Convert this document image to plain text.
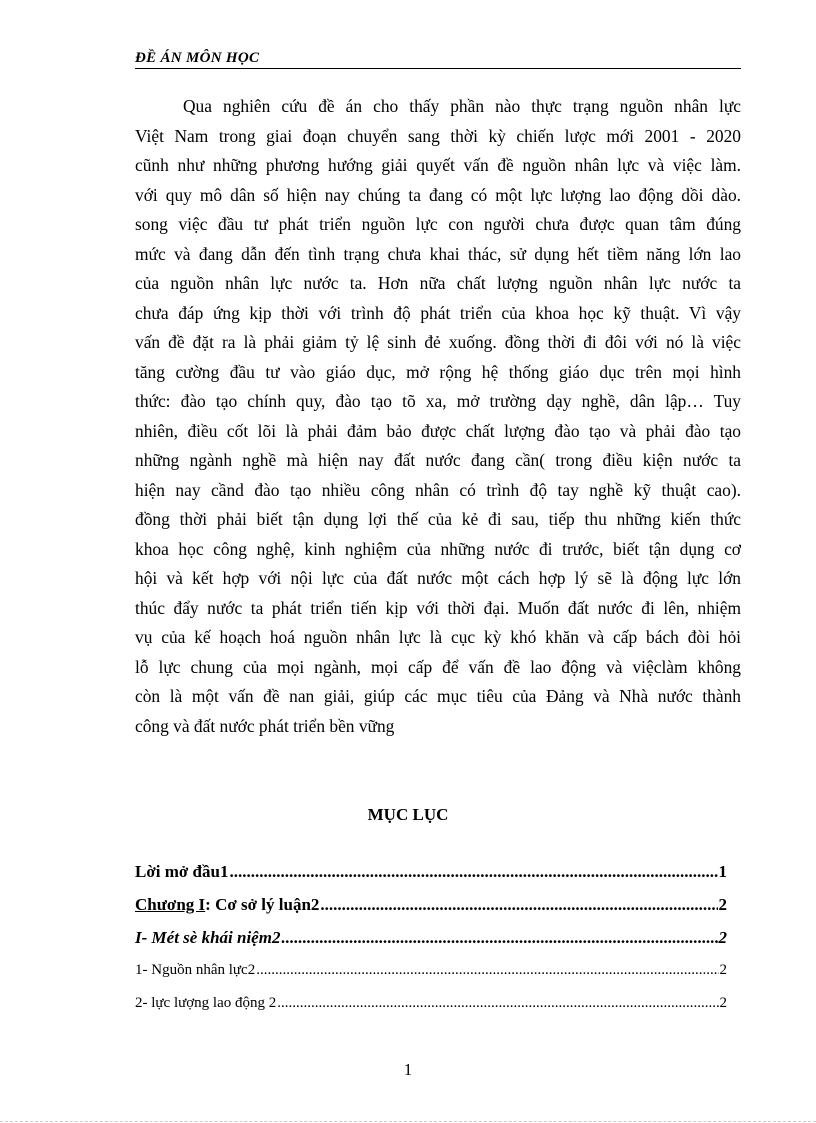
ĐỀ ÁN MÔN HỌC
Qua nghiên cứu đề án cho thấy phần nào thực trạng nguồn nhân lực
Việt Nam trong giai đoạn chuyển sang thời kỳ chiến lược mới 2001 - 2020
cũnh như những phương hướng giải quyết vấn đề nguồn nhân lực và việc làm.
với quy mô dân số hiện nay chúng ta đang có một lực lượng lao động dồi dào.
song việc đầu tư phát triển nguồn lực con người chưa được quan tâm đúng
mức và đang dẫn đến tình trạng chưa khai thác, sử dụng hết tiềm năng lớn lao
của nguồn nhân lực nước ta. Hơn nữa chất lượng nguồn nhân lực nước ta
chưa đáp ứng kịp thời với trình độ phát triển của khoa học kỹ thuật. Vì vậy
vấn đề đặt ra là phải giảm tỷ lệ sinh đẻ xuống. đồng thời đi đôi với nó là việc
tăng cường đầu tư vào giáo dục, mở rộng hệ thống giáo dục trên mọi hình
thức: đào tạo chính quy, đào tạo tõ xa, mở trường dạy nghề, dân lập… Tuy
nhiên, điều cốt lõi là phải đảm bảo được chất lượng đào tạo và phải đào tạo
những ngành nghề mà hiện nay đất nước đang cần( trong điều kiện nước ta
hiện nay cầnd đào tạo nhiều công nhân có trình độ tay nghề kỹ thuật cao).
đồng thời phải biết tận dụng lợi thế của kẻ đi sau, tiếp thu những kiến thức
khoa học công nghệ, kinh nghiệm của những nước đi trước, biết tận dụng cơ
hội và kết hợp với nội lực của đất nước một cách hợp lý sẽ là động lực lớn
thúc đẩy nước ta phát triển tiến kịp với thời đại. Muốn đất nước đi lên, nhiệm
vụ của kế hoạch hoá nguồn nhân lực là cục kỳ khó khăn và cấp bách đòi hỏi
lỗ lực chung của mọi ngành, mọi cấp để vấn đề lao động và việclàm không
còn là một vấn đề nan giải, giúp các mục tiêu của Đảng và Nhà nước thành
công và đất nước phát triển bền vững
MỤC LỤC
Lời mở đầu1 .....	1
Chương I: Cơ sở lý luận2 .....	2
I- Mét sè khái niệm2 .....	2
1- Nguồn nhân lực2 .....	2
2- lực lượng lao động 2 .....	2
1
